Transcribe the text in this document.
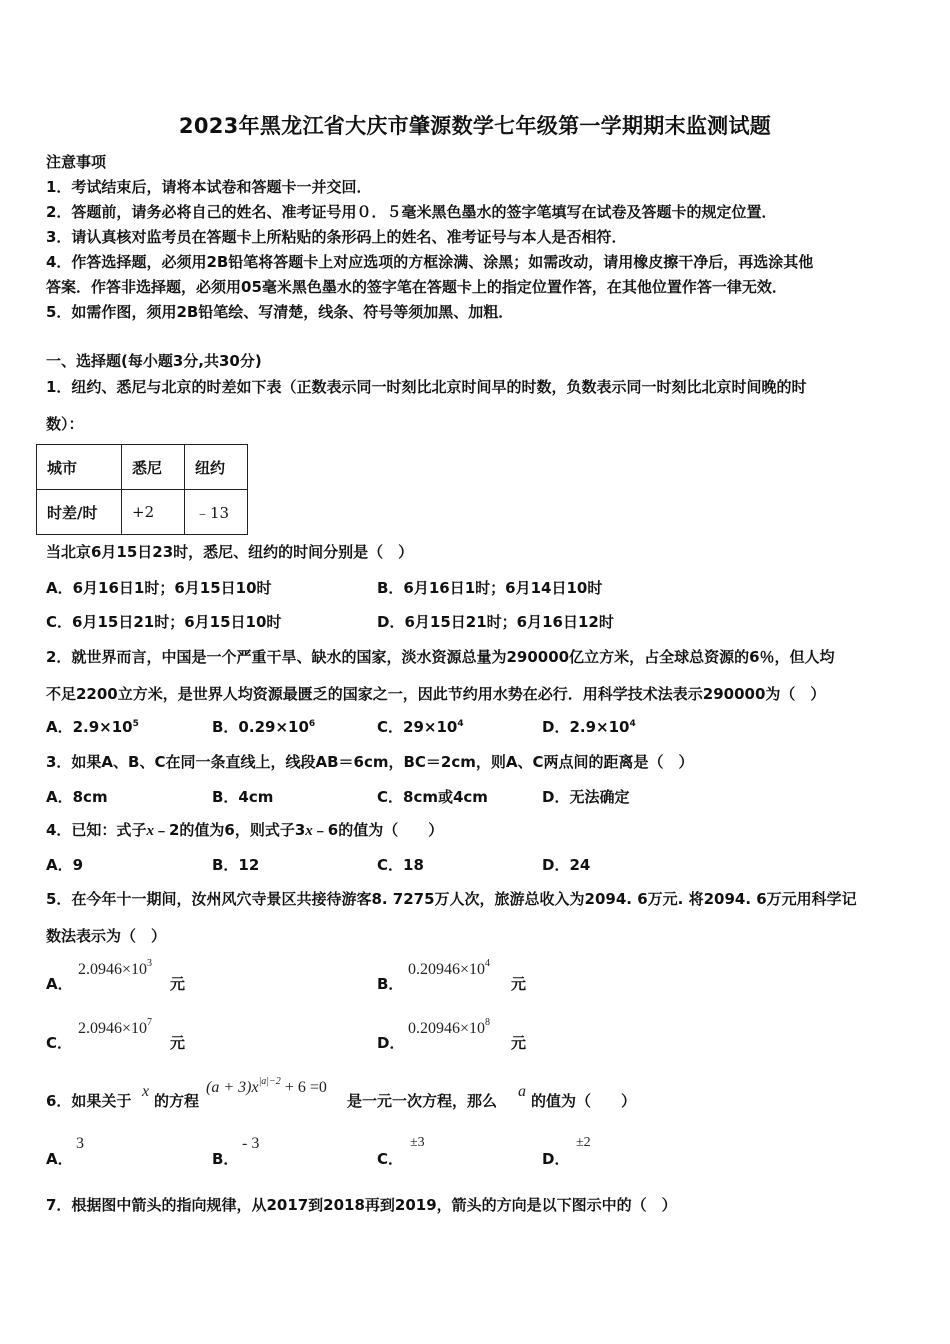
2023年黑龙江省大庆市肇源数学七年级第一学期期末监测试题
注意事项
1．考试结束后，请将本试卷和答题卡一并交回．
2．答题前，请务必将自己的姓名、准考证号用０．５毫米黑色墨水的签字笔填写在试卷及答题卡的规定位置．
3．请认真核对监考员在答题卡上所粘贴的条形码上的姓名、准考证号与本人是否相符．
4．作答选择题，必须用2B铅笔将答题卡上对应选项的方框涂满、涂黑；如需改动，请用橡皮擦干净后，再选涂其他
答案．作答非选择题，必须用05毫米黑色墨水的签字笔在答题卡上的指定位置作答，在其他位置作答一律无效．
5．如需作图，须用2B铅笔绘、写清楚，线条、符号等须加黑、加粗．
一、选择题(每小题3分,共30分)
1．纽约、悉尼与北京的时差如下表（正数表示同一时刻比北京时间早的时数，负数表示同一时刻比北京时间晚的时
数）：
城市	悉尼	纽约
时差/时	+2	﹣13
当北京6月15日23时，悉尼、纽约的时间分别是（　）
A．6月16日1时；6月15日10时	B．6月16日1时；6月14日10时
C．6月15日21时；6月15日10时	D．6月15日21时；6月16日12时
2．就世界而言，中国是一个严重干旱、缺水的国家，淡水资源总量为290000亿立方米，占全球总资源的6％，但人均
不足2200立方米，是世界人均资源最匮乏的国家之一，因此节约用水势在必行．用科学技术法表示290000为（　）
A．$2.9\times 10^5$	B．$0.29\times 10^6$	C．$29\times 10^4$	D．$2.9\times 10^4$
3．如果A、B、C在同一条直线上，线段AB＝6cm，BC＝2cm，则A、C两点间的距离是（　）
A．8cm	B．4cm	C．8cm或4cm	D．无法确定
4．已知：式子x﹣2的值为6，则式子3x﹣6的值为（　　）
A．9	B．12	C．18	D．24
5．在今年十一期间，汝州风穴寺景区共接待游客8. 7275万人次，旅游总收入为2094. 6万元. 将2094. 6万元用科学记
数法表示为（　）
A．
$2.0946\times 10^3$
元	B．
$0.20946\times 10^4$
元
C．
$2.0946\times 10^7$
元	D．
$0.20946\times 10^8$
元
6．如果关于
x
的方程
$(a + 3)x^{|a|-2} + 6 =0$
是一元一次方程，那么
a
的值为（　　）
A．
3
B．
- 3
C．
±3
D．
±2
7．根据图中箭头的指向规律，从2017到2018再到2019，箭头的方向是以下图示中的（　）
